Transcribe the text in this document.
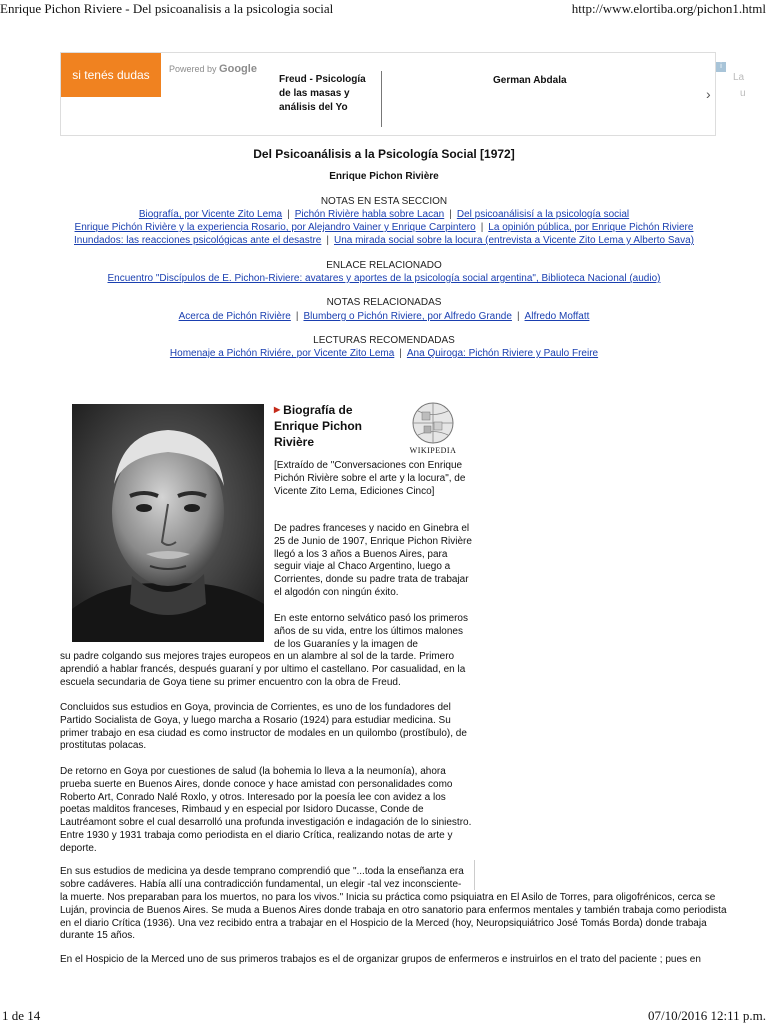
Enrique Pichon Riviere - Del psicoanalisis a la psicologia social	http://www.elortiba.org/pichon1.html
si tenés dudas	Powered by Google
Freud - Psicología de las masas y análisis del Yo
German Abdala
i
La
u
›
Del Psicoanálisis a la Psicología Social [1972]
Enrique Pichon Rivière
NOTAS EN ESTA SECCION
Biografía, por Vicente Zito Lema | Pichón Rivière habla sobre Lacan | Del psicoanálisisí a la psicología social
Enrique Pichón Rivière y la experiencia Rosario, por Alejandro Vainer y Enrique Carpintero | La opinión pública, por Enrique Pichón Riviere
Inundados: las reacciones psicológicas ante el desastre | Una mirada social sobre la locura (entrevista a Vicente Zito Lema y Alberto Sava)
ENLACE RELACIONADO
Encuentro "Discípulos de E. Pichon-Riviere: avatares y aportes de la psicología social argentina", Biblioteca Nacional (audio)
NOTAS RELACIONADAS
Acerca de Pichón Rivière | Blumberg o Pichón Riviere, por Alfredo Grande | Alfredo Moffatt
LECTURAS RECOMENDADAS
Homenaje a Pichón Riviére, por Vicente Zito Lema | Ana Quiroga: Pichón Riviere y Paulo Freire
▶ Biografía de Enrique Pichon Rivière
WIKIPEDIA

[Extraído de "Conversaciones con Enrique Pichón Rivière sobre el arte y la locura", de Vicente Zito Lema, Ediciones Cinco]

De padres franceses y nacido en Ginebra el 25 de Junio de 1907, Enrique Pichon Rivière llegó a los 3 años a Buenos Aires, para seguir viaje al Chaco Argentino, luego a Corrientes, donde su padre trata de trabajar el algodón con ningún éxito.

En este entorno selvático pasó los primeros años de su vida, entre los últimos malones de los Guaraníes y la imagen de

su padre colgando sus mejores trajes europeos en un alambre al sol de la tarde. Primero aprendió a hablar francés, después guaraní y por ultimo el castellano. Por casualidad, en la escuela secundaria de Goya tiene su primer encuentro con la obra de Freud.

Concluidos sus estudios en Goya, provincia de Corrientes, es uno de los fundadores del Partido Socialista de Goya, y luego marcha a Rosario (1924) para estudiar medicina. Su primer trabajo en esa ciudad es como instructor de modales en un quilombo (prostíbulo), de prostitutas polacas.

De retorno en Goya por cuestiones de salud (la bohemia lo lleva a la neumonía), ahora prueba suerte en Buenos Aires, donde conoce y hace amistad con personalidades como Roberto Art, Conrado Nalé Roxlo, y otros. Interesado por la poesía lee con avidez a los poetas malditos franceses, Rimbaud y en especial por Isidoro Ducasse, Conde de Lautréamont sobre el cual desarrolló una profunda investigación e indagación de lo siniestro. Entre 1930 y 1931 trabaja como periodista en el diario Crítica, realizando notas de arte y deporte.

En sus estudios de medicina ya desde temprano comprendió que "...toda la enseñanza era sobre cadáveres. Había allí una contradicción fundamental, un elegir -tal vez inconsciente-

la muerte. Nos preparaban para los muertos, no para los vivos." Inicia su práctica como psiquiatra en El Asilo de Torres, para oligofrénicos, cerca se Luján, provincia de Buenos Aires. Se muda a Buenos Aires donde trabaja en otro sanatorio para enfermos mentales y también trabaja como periodista en el diario Crítica (1936). Una vez recibido entra a trabajar en el Hospicio de la Merced (hoy, Neuropsiquiátrico José Tomás Borda) donde trabaja durante 15 años.

En el Hospicio de la Merced uno de sus primeros trabajos es el de organizar grupos de enfermeros e instruirlos en el trato del paciente ; pues en

1 de 14	07/10/2016 12:11 p.m.
